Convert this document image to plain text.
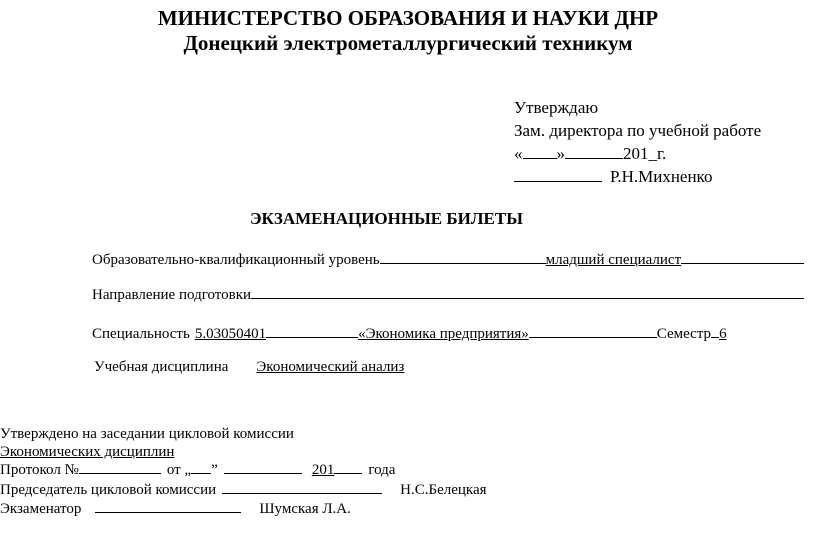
МИНИСТЕРСТВО ОБРАЗОВАНИЯ И НАУКИ ДНР
Донецкий электрометаллургический техникум
Утверждаю
Зам. директора по учебной работе
« »	201_г.
Р.Н.Михненко
ЭКЗАМЕНАЦИОННЫЕ БИЛЕТЫ
Образовательно-квалификационный уровень	младший специалист
Направление подготовки
Специальность 5.03050401	«Экономика предприятия»	Семестр 6
Учебная дисциплина Экономический анализ
Утверждено на заседании цикловой комиссии
Экономических дисциплин
Протокол №	от „ ”	201 года
Председатель цикловой комиссии	Н.С.Белецкая
Экзаменатор	Шумская Л.А.
